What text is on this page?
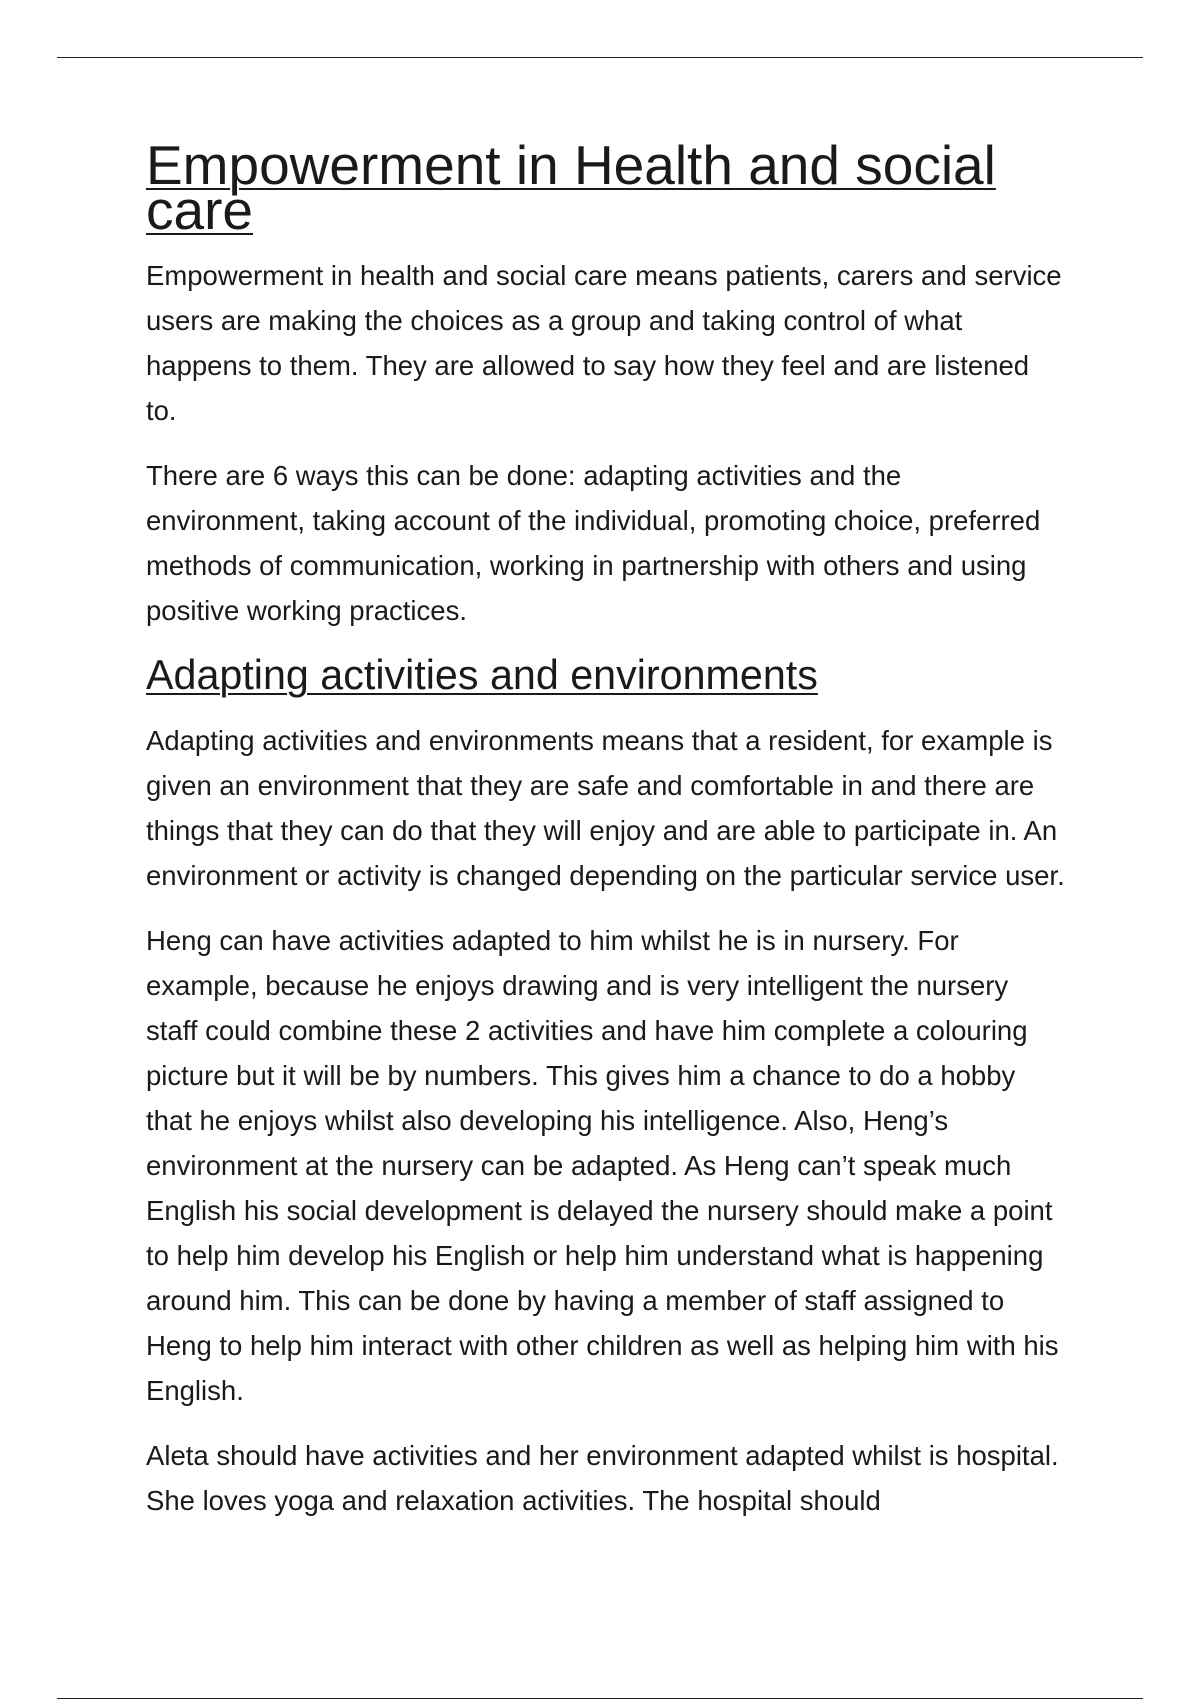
Empowerment in Health and social care

Empowerment in health and social care means patients, carers and service users are making the choices as a group and taking control of what happens to them. They are allowed to say how they feel and are listened to.

There are 6 ways this can be done: adapting activities and the environment, taking account of the individual, promoting choice, preferred methods of communication, working in partnership with others and using positive working practices.

Adapting activities and environments

Adapting activities and environments means that a resident, for example is given an environment that they are safe and comfortable in and there are things that they can do that they will enjoy and are able to participate in. An environment or activity is changed depending on the particular service user.

Heng can have activities adapted to him whilst he is in nursery. For example, because he enjoys drawing and is very intelligent the nursery staff could combine these 2 activities and have him complete a colouring picture but it will be by numbers. This gives him a chance to do a hobby that he enjoys whilst also developing his intelligence. Also, Heng’s environment at the nursery can be adapted. As Heng can’t speak much English his social development is delayed the nursery should make a point to help him develop his English or help him understand what is happening around him. This can be done by having a member of staff assigned to Heng to help him interact with other children as well as helping him with his English.

Aleta should have activities and her environment adapted whilst is hospital. She loves yoga and relaxation activities. The hospital should
